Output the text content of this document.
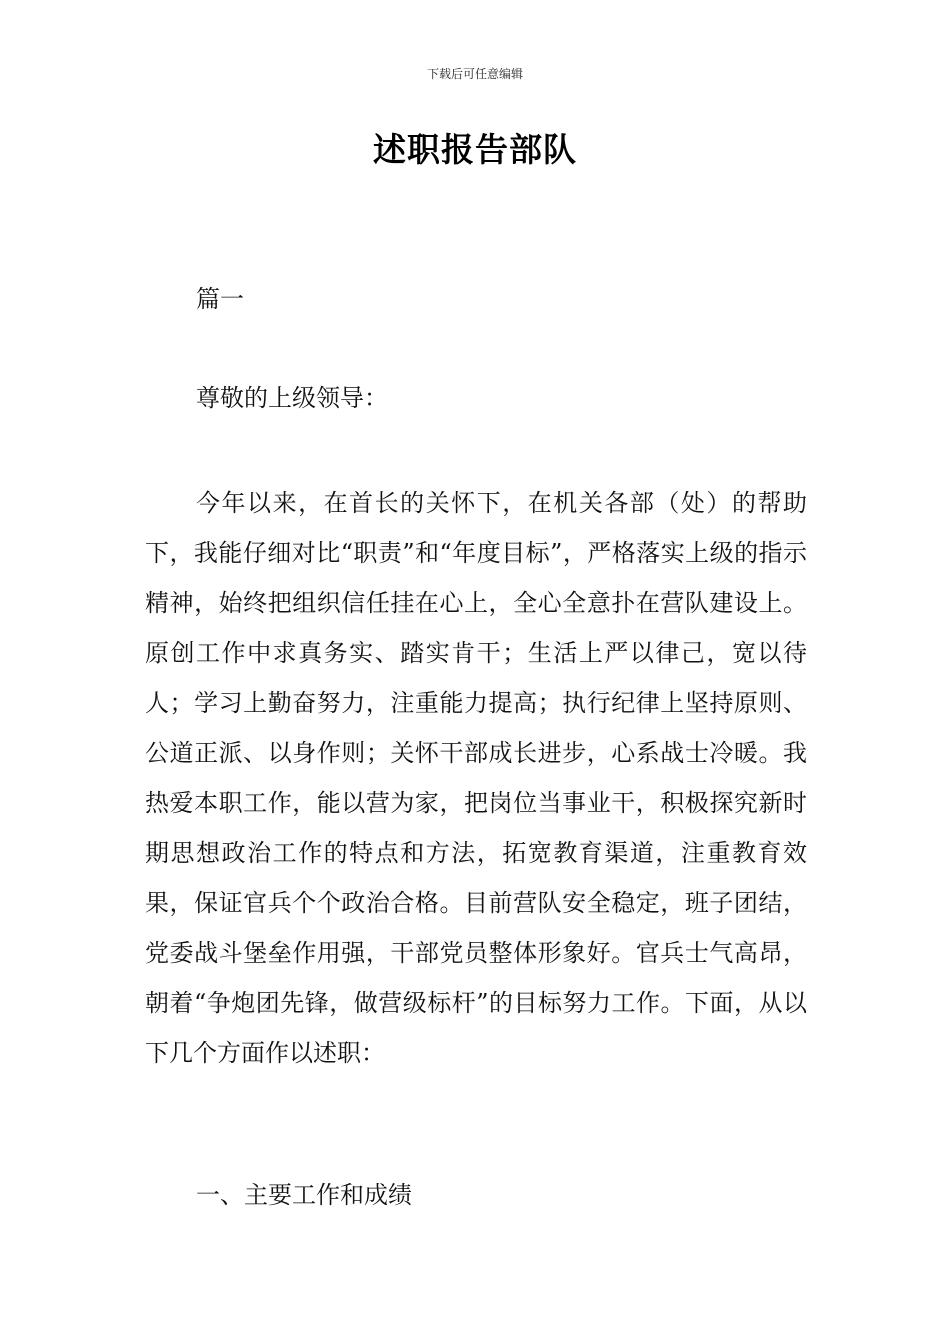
下载后可任意编辑
述职报告部队
篇一
尊敬的上级领导：

今年以来，在首长的关怀下，在机关各部（处）的帮助下，我能仔细对比“职责”和“年度目标”，严格落实上级的指示精神，始终把组织信任挂在心上，全心全意扑在营队建设上。原创工作中求真务实、踏实肯干；生活上严以律己，宽以待人；学习上勤奋努力，注重能力提高；执行纪律上坚持原则、公道正派、以身作则；关怀干部成长进步，心系战士冷暖。我热爱本职工作，能以营为家，把岗位当事业干，积极探究新时期思想政治工作的特点和方法，拓宽教育渠道，注重教育效果，保证官兵个个政治合格。目前营队安全稳定，班子团结，党委战斗堡垒作用强，干部党员整体形象好。官兵士气高昂，朝着“争炮团先锋，做营级标杆”的目标努力工作。下面，从以下几个方面作以述职：

一、主要工作和成绩
